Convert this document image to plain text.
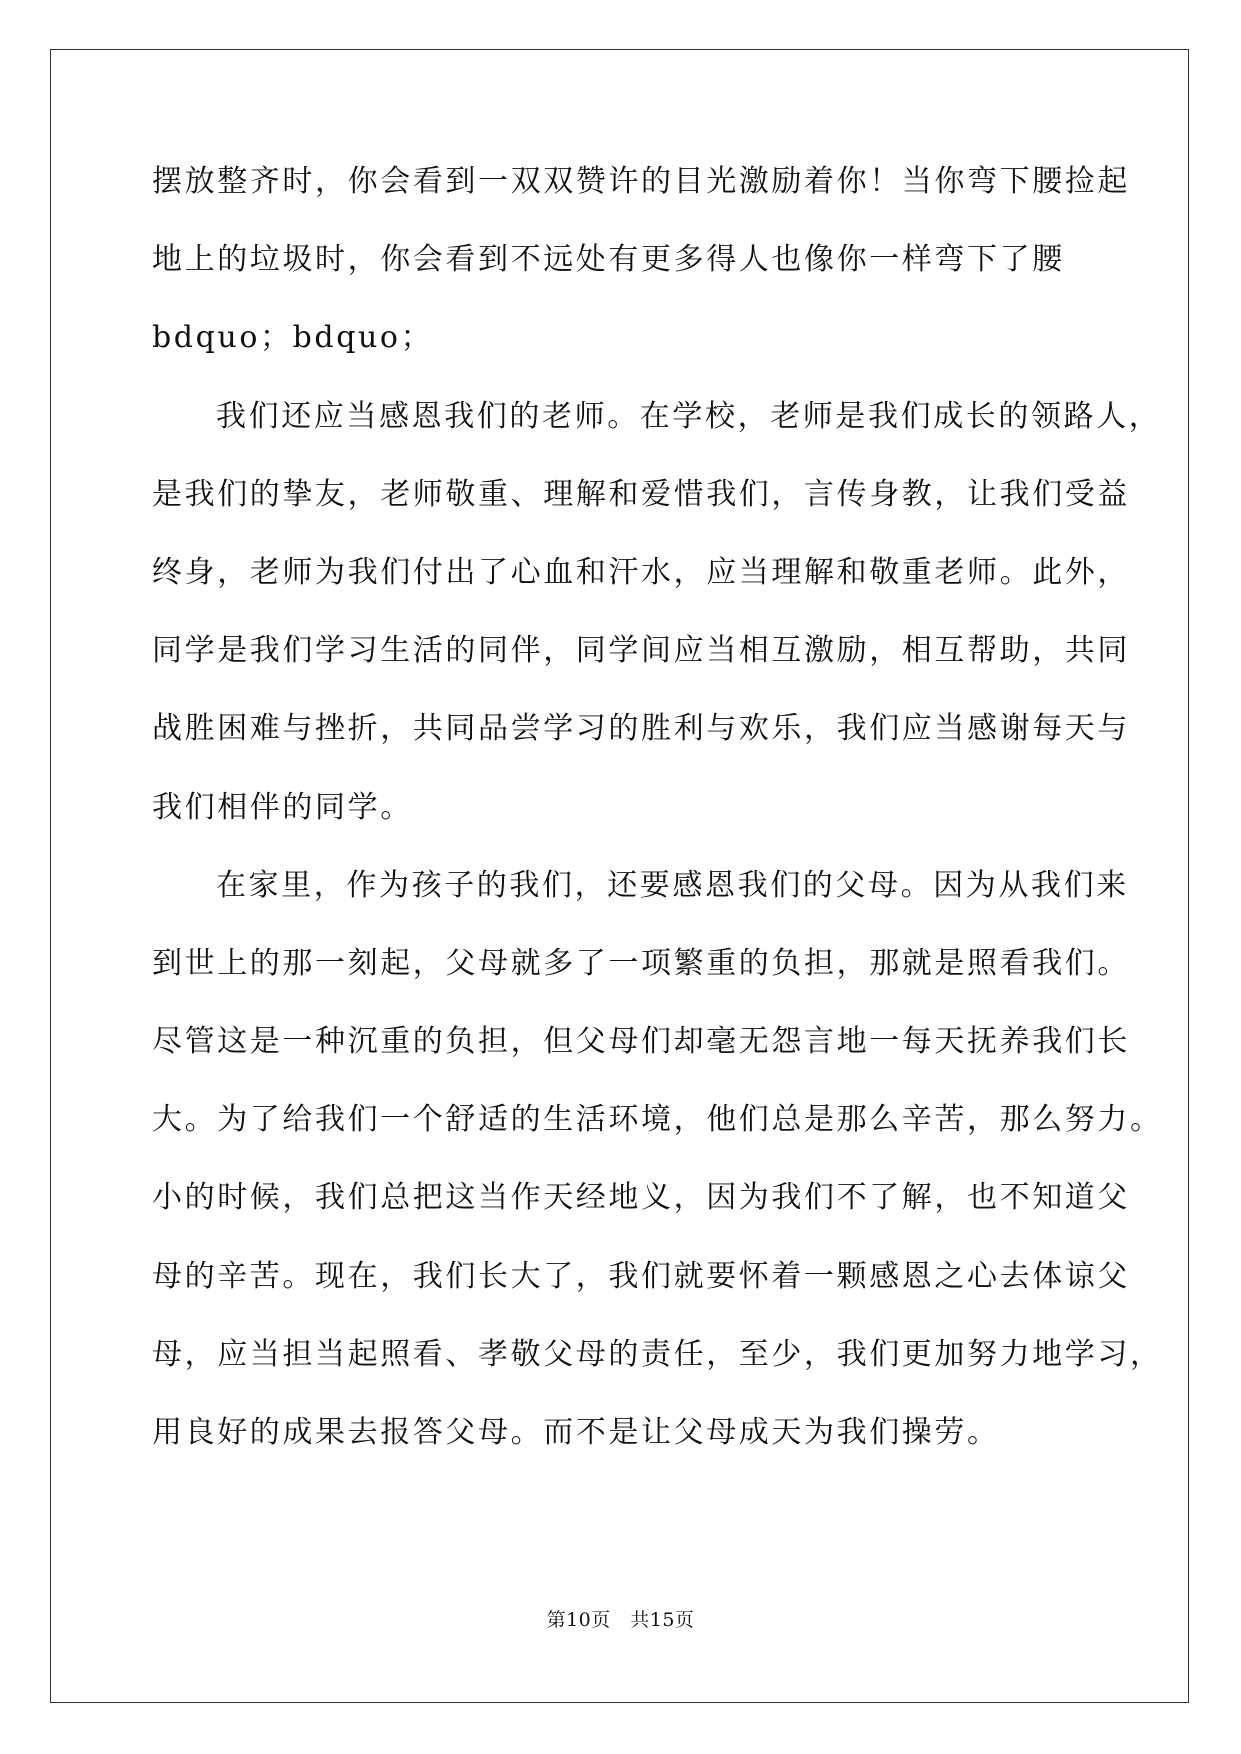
摆放整齐时，你会看到一双双赞许的目光激励着你！当你弯下腰捡起
地上的垃圾时，你会看到不远处有更多得人也像你一样弯下了腰
bdquo；bdquo；
我们还应当感恩我们的老师。在学校，老师是我们成长的领路人，
是我们的挚友，老师敬重、理解和爱惜我们，言传身教，让我们受益
终身，老师为我们付出了心血和汗水，应当理解和敬重老师。此外，
同学是我们学习生活的同伴，同学间应当相互激励，相互帮助，共同
战胜困难与挫折，共同品尝学习的胜利与欢乐，我们应当感谢每天与
我们相伴的同学。
在家里，作为孩子的我们，还要感恩我们的父母。因为从我们来
到世上的那一刻起，父母就多了一项繁重的负担，那就是照看我们。
尽管这是一种沉重的负担，但父母们却毫无怨言地一每天抚养我们长
大。为了给我们一个舒适的生活环境，他们总是那么辛苦，那么努力。
小的时候，我们总把这当作天经地义，因为我们不了解，也不知道父
母的辛苦。现在，我们长大了，我们就要怀着一颗感恩之心去体谅父
母，应当担当起照看、孝敬父母的责任，至少，我们更加努力地学习，
用良好的成果去报答父母。而不是让父母成天为我们操劳。
第10页　共15页
